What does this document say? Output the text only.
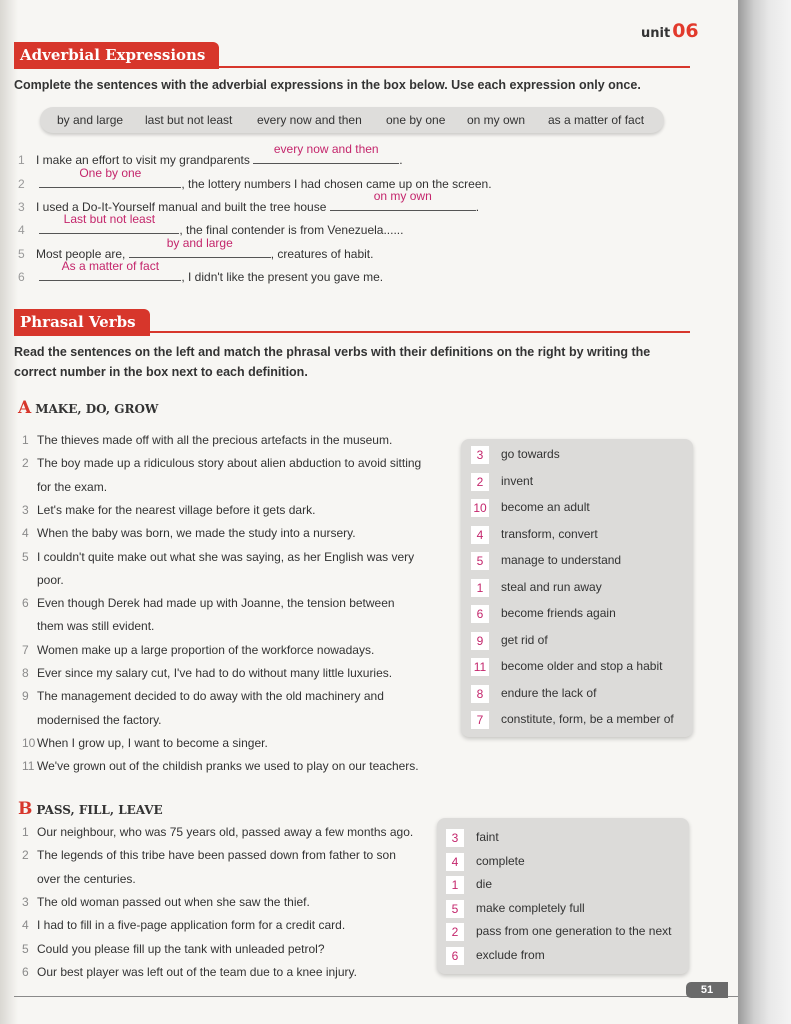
unit 06
Adverbial Expressions
Complete the sentences with the adverbial expressions in the box below. Use each expression only once.
by and large last but not least every now and then one by one on my own as a matter of fact
1 I make an effort to visit my grandparents
every now and then
.
2
One by one
, the lottery numbers I had chosen came up on the screen.
3 I used a Do-It-Yourself manual and built the tree house
on my own
.
4
Last but not least
, the final contender is from Venezuela......
5 Most people are,
by and large
, creatures of habit.
6
As a matter of fact
, I didn't like the present you gave me.
Phrasal Verbs
Read the sentences on the left and match the phrasal verbs with their definitions on the right by writing the
correct number in the box next to each definition.
A MAKE, DO, GROW
1 The thieves made off with all the precious artefacts in the museum.
2 The boy made up a ridiculous story about alien abduction to avoid sitting
for the exam.
3 Let's make for the nearest village before it gets dark.
4 When the baby was born, we made the study into a nursery.
5 I couldn't quite make out what she was saying, as her English was very
poor.
6 Even though Derek had made up with Joanne, the tension between
them was still evident.
7 Women make up a large proportion of the workforce nowadays.
8 Ever since my salary cut, I've had to do without many little luxuries.
9 The management decided to do away with the old machinery and
modernised the factory.
10 When I grow up, I want to become a singer.
11 We've grown out of the childish pranks we used to play on our teachers.
3 go towards
2 invent
10 become an adult
4 transform, convert
5 manage to understand
1 steal and run away
6 become friends again
9 get rid of
11 become older and stop a habit
8 endure the lack of
7 constitute, form, be a member of
B PASS, FILL, LEAVE
1 Our neighbour, who was 75 years old, passed away a few months ago.
2 The legends of this tribe have been passed down from father to son
over the centuries.
3 The old woman passed out when she saw the thief.
4 I had to fill in a five-page application form for a credit card.
5 Could you please fill up the tank with unleaded petrol?
6 Our best player was left out of the team due to a knee injury.
3 faint
4 complete
1 die
5 make completely full
2 pass from one generation to the next
6 exclude from
51
